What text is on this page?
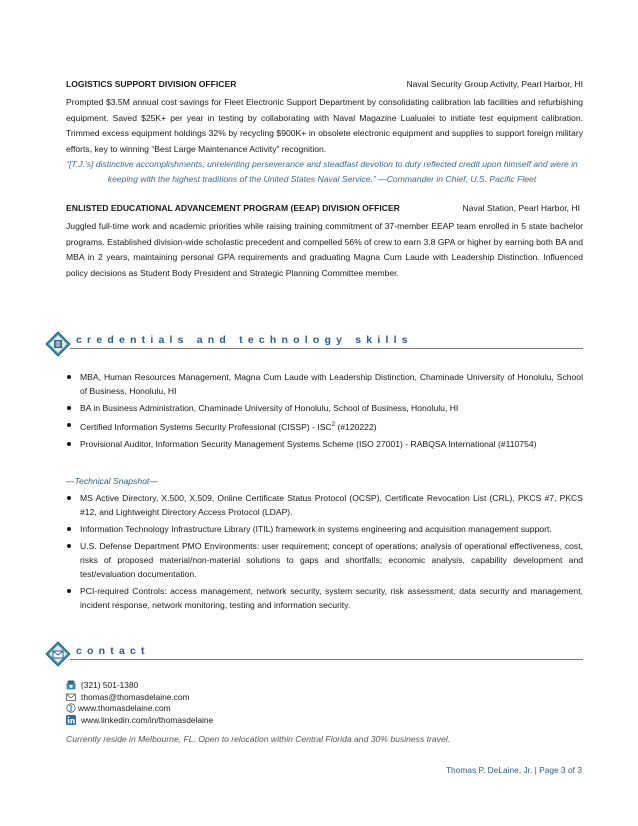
LOGISTICS SUPPORT DIVISION OFFICER	Naval Security Group Activity, Pearl Harbor, HI

Prompted $3.5M annual cost savings for Fleet Electronic Support Department by consolidating calibration lab facilities and refurbishing equipment. Saved $25K+ per year in testing by collaborating with Naval Magazine Lualualei to initiate test equipment calibration. Trimmed excess equipment holdings 32% by recycling $900K+ in obsolete electronic equipment and supplies to support foreign military efforts, key to winning “Best Large Maintenance Activity” recognition.

“[T.J.’s] distinctive accomplishments, unrelenting perseverance and steadfast devotion to duty reflected credit upon himself and were in keeping with the highest traditions of the United States Naval Service.” —Commander in Chief, U.S. Pacific Fleet

ENLISTED EDUCATIONAL ADVANCEMENT PROGRAM (EEAP) DIVISION OFFICER	Naval Station, Pearl Harbor, HI

Juggled full-time work and academic priorities while raising training commitment of 37-member EEAP team enrolled in 5 state bachelor programs. Established division-wide scholastic precedent and compelled 56% of crew to earn 3.8 GPA or higher by earning both BA and MBA in 2 years, maintaining personal GPA requirements and graduating Magna Cum Laude with Leadership Distinction. Influenced policy decisions as Student Body President and Strategic Planning Committee member.

credentials and technology skills
MBA, Human Resources Management, Magna Cum Laude with Leadership Distinction, Chaminade University of Honolulu, School of Business, Honolulu, HI
BA in Business Administration, Chaminade University of Honolulu, School of Business, Honolulu, HI
Certified Information Systems Security Professional (CISSP) - ISC$^2$ (#120222)
Provisional Auditor, Information Security Management Systems Scheme (ISO 27001) - RABQSA International (#110754)
—Technical Snapshot—
MS Active Directory, X.500, X.509, Online Certificate Status Protocol (OCSP), Certificate Revocation List (CRL), PKCS #7, PKCS #12, and Lightweight Directory Access Protocol (LDAP).
Information Technology Infrastructure Library (ITIL) framework in systems engineering and acquisition management support.
U.S. Defense Department PMO Environments: user requirement; concept of operations; analysis of operational effectiveness, cost, risks of proposed material/non-material solutions to gaps and shortfalls; economic analysis, capability development and test/evaluation documentation.
PCI-required Controls: access management, network security, system security, risk assessment, data security and management, incident response, network monitoring, testing and information security.
contact
(321) 501-1380
thomas@thomasdelaine.com
www.thomasdelaine.com
www.linkedin.com/in/thomasdelaine
Currently reside in Melbourne, FL. Open to relocation within Central Florida and 30% business travel.
Thomas P. DeLaine, Jr. | Page 3 of 3
